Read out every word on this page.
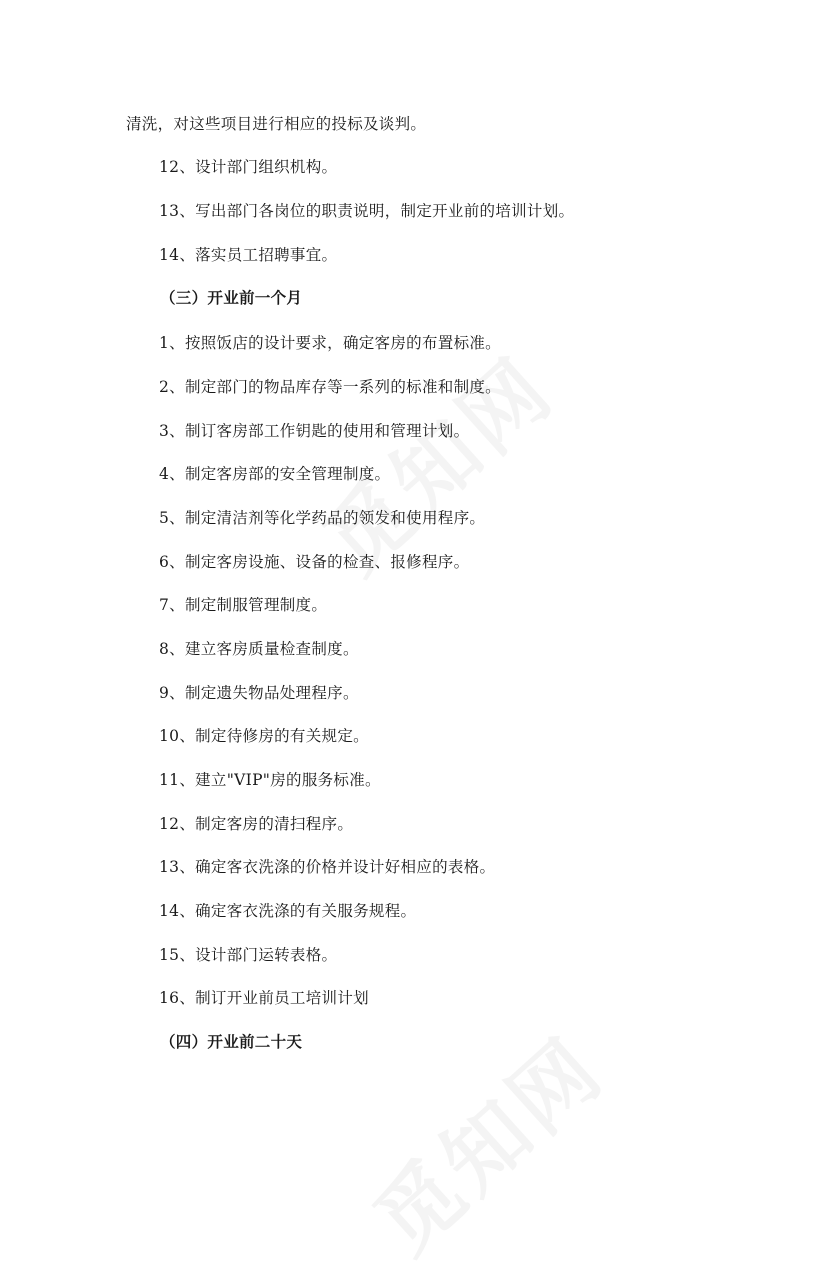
清洗，对这些项目进行相应的投标及谈判。
12、设计部门组织机构。
13、写出部门各岗位的职责说明，制定开业前的培训计划。
14、落实员工招聘事宜。
（三）开业前一个月
1、按照饭店的设计要求，确定客房的布置标准。
2、制定部门的物品库存等一系列的标准和制度。
3、制订客房部工作钥匙的使用和管理计划。
4、制定客房部的安全管理制度。
5、制定清洁剂等化学药品的领发和使用程序。
6、制定客房设施、设备的检查、报修程序。
7、制定制服管理制度。
8、建立客房质量检查制度。
9、制定遗失物品处理程序。
10、制定待修房的有关规定。
11、建立"VIP"房的服务标准。
12、制定客房的清扫程序。
13、确定客衣洗涤的价格并设计好相应的表格。
14、确定客衣洗涤的有关服务规程。
15、设计部门运转表格。
16、制订开业前员工培训计划
（四）开业前二十天
